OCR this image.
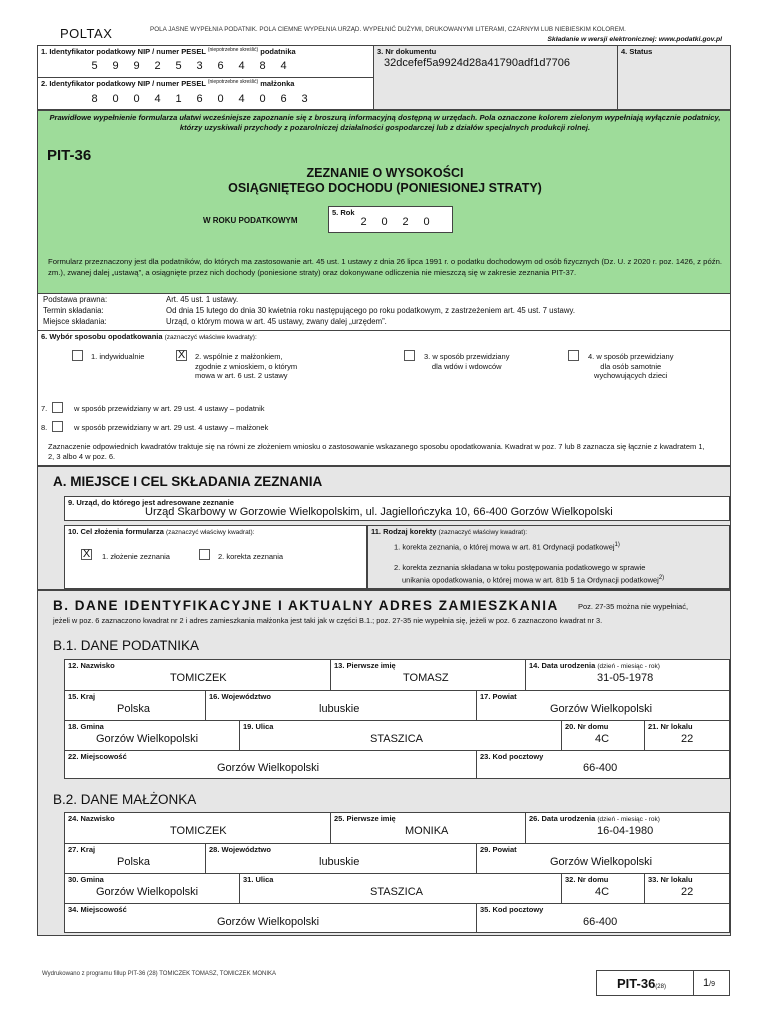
POLTAX	POLA JASNE WYPEŁNIA PODATNIK. POLA CIEMNE WYPEŁNIA URZĄD. WYPEŁNIĆ DUŻYMI, DRUKOWANYMI LITERAMI, CZARNYM LUB NIEBIESKIM KOLOREM.
Składanie w wersji elektronicznej: www.podatki.gov.pl
1. Identyfikator podatkowy NIP / numer PESEL $^{(niepotrzebne skreślić)}$ podatnika
5 9 9 2 5 3 6 4 8 4
2. Identyfikator podatkowy NIP / numer PESEL $^{(niepotrzebne skreślić)}$ małżonka
8 0 0 4 1 6 0 4 0 6 3
3. Nr dokumentu
32dcefef5a9924d28a41790adf1d7706
4. Status
Prawidłowe wypełnienie formularza ułatwi wcześniejsze zapoznanie się z broszurą informacyjną dostępną w urzędach. Pola oznaczone kolorem zielonym wypełniają wyłącznie podatnicy, którzy uzyskiwali przychody z pozarolniczej działalności gospodarczej lub z działów specjalnych produkcji rolnej.
PIT-36
ZEZNANIE O WYSOKOŚCI
OSIĄGNIĘTEGO DOCHODU (PONIESIONEJ STRATY)
W ROKU PODATKOWYM
5. Rok
2 0 2 0
Formularz przeznaczony jest dla podatników, do których ma zastosowanie art. 45 ust. 1 ustawy z dnia 26 lipca 1991 r. o podatku dochodowym od osób fizycznych (Dz. U. z 2020 r. poz. 1426, z późn. zm.), zwanej dalej „ustawą”, a osiągnięte przez nich dochody (poniesione straty) oraz dokonywane odliczenia nie mieszczą się w zakresie zeznania PIT-37.
Podstawa prawna:	Art. 45 ust. 1 ustawy.
Termin składania:	Od dnia 15 lutego do dnia 30 kwietnia roku następującego po roku podatkowym, z zastrzeżeniem art. 45 ust. 7 ustawy.
Miejsce składania:	Urząd, o którym mowa w art. 45 ustawy, zwany dalej „urzędem”.
6. Wybór sposobu opodatkowania (zaznaczyć właściwe kwadraty):
1. indywidualnie	X 2. wspólnie z małżonkiem,
zgodnie z wnioskiem, o którym
mowa w art. 6 ust. 2 ustawy
3. w sposób przewidziany
dla wdów i wdowców
4. w sposób przewidziany
dla osób samotnie
wychowujących dzieci
7.	w sposób przewidziany w art. 29 ust. 4 ustawy – podatnik
8.	w sposób przewidziany w art. 29 ust. 4 ustawy – małżonek
Zaznaczenie odpowiednich kwadratów traktuje się na równi ze złożeniem wniosku o zastosowanie wskazanego sposobu opodatkowania. Kwadrat w poz. 7 lub 8 zaznacza się łącznie z kwadratem 1, 2, 3 albo 4 w poz. 6.
A. MIEJSCE I CEL SKŁADANIA ZEZNANIA
9. Urząd, do którego jest adresowane zeznanie
Urząd Skarbowy w Gorzowie Wielkopolskim, ul. Jagiellończyka 10, 66-400 Gorzów Wielkopolski
10. Cel złożenia formularza (zaznaczyć właściwy kwadrat):
X 1. złożenie zeznania	2. korekta zeznania
11. Rodzaj korekty (zaznaczyć właściwy kwadrat):
1. korekta zeznania, o której mowa w art. 81 Ordynacji podatkowej$^{1)}$
2. korekta zeznania składana w toku postępowania podatkowego w sprawie
unikania opodatkowania, o której mowa w art. 81b § 1a Ordynacji podatkowej$^{2)}$
B. DANE IDENTYFIKACYJNE I AKTUALNY ADRES ZAMIESZKANIA	Poz. 27-35 można nie wypełniać,
jeżeli w poz. 6 zaznaczono kwadrat nr 2 i adres zamieszkania małżonka jest taki jak w części B.1.; poz. 27-35 nie wypełnia się, jeżeli w poz. 6 zaznaczono kwadrat nr 3.
B.1. DANE PODATNIKA
12. Nazwisko
TOMICZEK
13. Pierwsze imię
TOMASZ
14. Data urodzenia (dzień - miesiąc - rok)
31-05-1978
15. Kraj
Polska
16. Województwo
lubuskie
17. Powiat
Gorzów Wielkopolski
18. Gmina
Gorzów Wielkopolski
19. Ulica
STASZICA
20. Nr domu
4C
21. Nr lokalu
22
22. Miejscowość
Gorzów Wielkopolski
23. Kod pocztowy
66-400
B.2. DANE MAŁŻONKA
24. Nazwisko
TOMICZEK
25. Pierwsze imię
MONIKA
26. Data urodzenia (dzień - miesiąc - rok)
16-04-1980
27. Kraj
Polska
28. Województwo
lubuskie
29. Powiat
Gorzów Wielkopolski
30. Gmina
Gorzów Wielkopolski
31. Ulica
STASZICA
32. Nr domu
4C
33. Nr lokalu
22
34. Miejscowość
Gorzów Wielkopolski
35. Kod pocztowy
66-400
Wydrukowano z programu fillup PIT-36 (28) TOMICZEK TOMASZ, TOMICZEK MONIKA
PIT-36(28)	1/9
